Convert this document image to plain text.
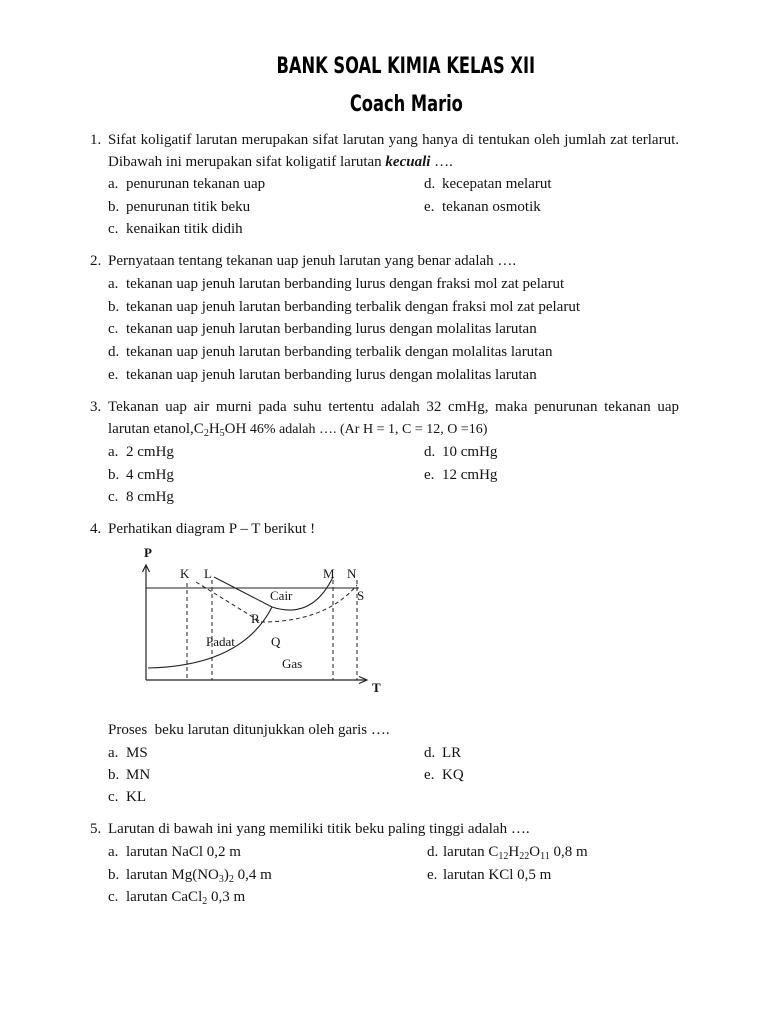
BANK SOAL KIMIA KELAS XII
Coach Mario
1. Sifat koligatif larutan merupakan sifat larutan yang hanya di tentukan oleh jumlah zat terlarut.
Dibawah ini merupakan sifat koligatif larutan kecuali ….

a.

penurunan tekanan uap

	d.

kecepatan melarut

b.

penurunan titik beku

	e.

tekanan osmotik

c.

kenaikan titik didih

2. Pernyataan tentang tekanan uap jenuh larutan yang benar adalah ….

a.

tekanan uap jenuh larutan berbanding lurus dengan fraksi mol zat pelarut

b.

tekanan uap jenuh larutan berbanding terbalik dengan fraksi mol zat pelarut

c.

tekanan uap jenuh larutan berbanding lurus dengan molalitas larutan

d.

tekanan uap jenuh larutan berbanding terbalik dengan molalitas larutan

e.

tekanan uap jenuh larutan berbanding lurus dengan molalitas larutan

3. Tekanan uap air murni pada suhu tertentu adalah 32 cmHg, maka penurunan tekanan uap
larutan $etanol,C_2H_5OH$ 46% adalah …. (Ar H = 1, C = 12, O =16)

a.

2 cmHg

	d.

10 cmHg

b.

4 cmHg

	e.

12 cmHg

c.

8 cmHg

4. Perhatikan diagram P – T berikut !
P
T
K L	M N
Cair	S
R
Padat	Q
Gas
Proses  beku larutan ditunjukkan oleh garis ….

a.

MS

	d.

LR

b.

MN

	e.

KQ

c.

KL

5. Larutan di bawah ini yang memiliki titik beku paling tinggi adalah ….

a.

larutan NaCl 0,2 m

	d.

larutan $C_{12}H_{22}O_{11}$ 0,8 m

b.

larutan $Mg(NO_3)_2$ 0,4 m

	e.

larutan KCl 0,5 m

c.

larutan CaCl$_2$ 0,3 m
